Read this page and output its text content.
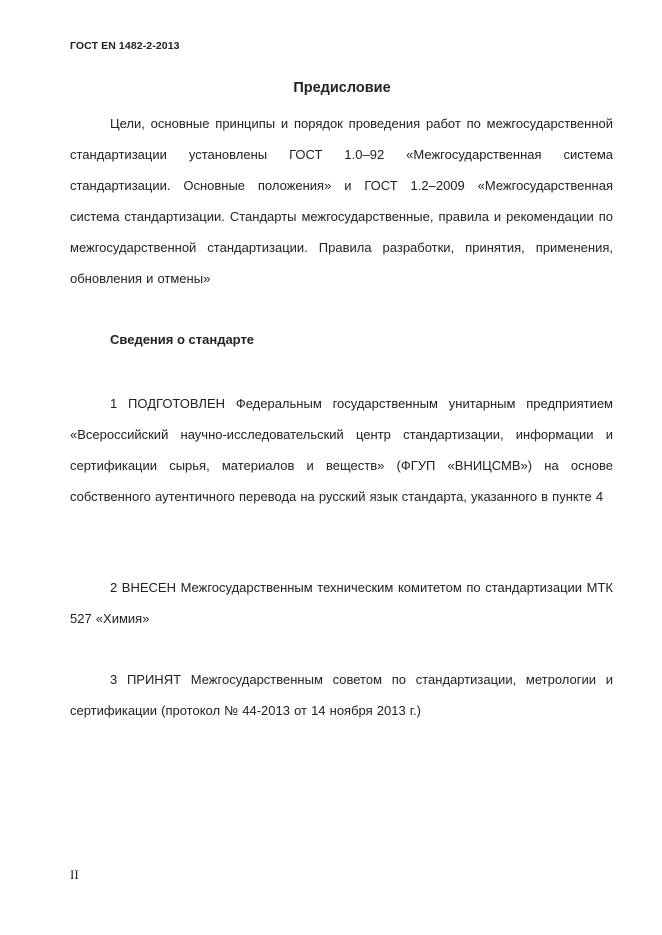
ГОСТ EN 1482-2-2013
Предисловие

Цели, основные принципы и порядок проведения работ по межгосударственной стандартизации установлены ГОСТ 1.0–92 «Межгосударственная система стандартизации. Основные положения» и ГОСТ 1.2–2009 «Межгосударственная система стандартизации. Стандарты межгосударственные, правила и рекомендации по межгосударственной стандартизации. Правила разработки, принятия, применения, обновления и отмены»

Сведения о стандарте

1 ПОДГОТОВЛЕН Федеральным государственным унитарным предприятием «Всероссийский научно-исследовательский центр стандартизации, информации и сертификации сырья, материалов и веществ» (ФГУП «ВНИЦСМВ») на основе собственного аутентичного перевода на русский язык стандарта, указанного в пункте 4

2 ВНЕСЕН Межгосударственным техническим комитетом по стандартизации МТК 527 «Химия»

3 ПРИНЯТ Межгосударственным советом по стандартизации, метрологии и сертификации (протокол № 44-2013 от 14 ноября 2013 г.)

II
